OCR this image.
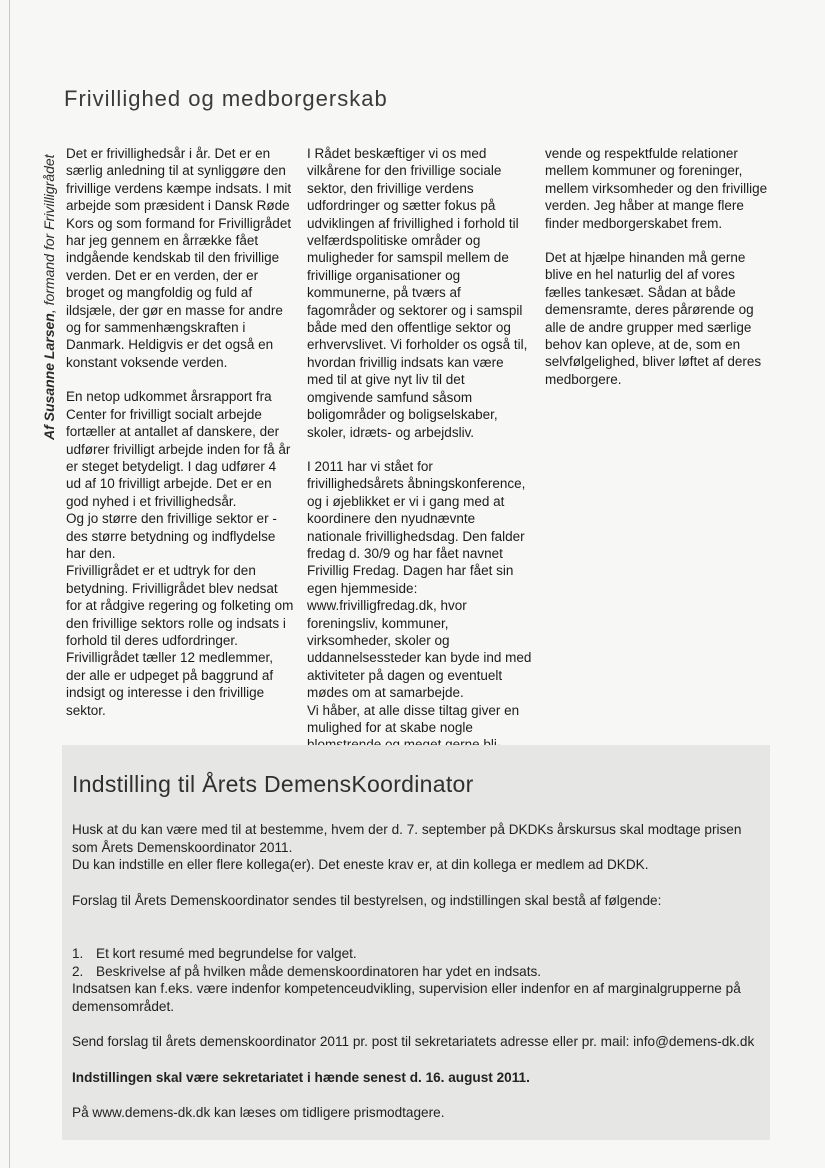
Frivillighed og medborgerskab
Af Susanne Larsen, formand for Frivilligrådet

Det er frivillighedsår i år. Det er en særlig anledning til at synliggøre den frivillige verdens kæmpe indsats. I mit arbejde som præsident i Dansk Røde Kors og som formand for Frivilligrådet har jeg gennem en årrække fået indgående kendskab til den frivillige verden. Det er en verden, der er broget og mangfoldig og fuld af ildsjæle, der gør en masse for andre og for sammenhængskraften i Danmark. Heldigvis er det også en konstant voksende verden.

En netop udkommet årsrapport fra Center for frivilligt socialt arbejde fortæller at antallet af danskere, der udfører frivilligt arbejde inden for få år er steget betydeligt. I dag udfører 4 ud af 10 frivilligt arbejde. Det er en god nyhed i et frivillighedsår.

Og jo større den frivillige sektor er - des større betydning og indflydelse har den.

Frivilligrådet er et udtryk for den betydning. Frivilligrådet blev nedsat for at rådgive regering og folketing om den frivillige sektors rolle og indsats i forhold til deres udfordringer. Frivilligrådet tæller 12 medlemmer, der alle er udpeget på baggrund af indsigt og interesse i den frivillige sektor.

I Rådet beskæftiger vi os med vilkårene for den frivillige sociale sektor, den frivillige verdens udfordringer og sætter fokus på udviklingen af frivillighed i forhold til velfærdspolitiske områder og muligheder for samspil mellem de frivillige organisationer og kommunerne, på tværs af fagområder og sektorer og i samspil både med den offentlige sektor og erhvervslivet. Vi forholder os også til, hvordan frivillig indsats kan være med til at give nyt liv til det omgivende samfund såsom boligområder og boligselskaber, skoler, idræts- og arbejdsliv.

I 2011 har vi stået for frivillighedsårets åbningskonference, og i øjeblikket er vi i gang med at koordinere den nyudnævnte nationale frivillighedsdag. Den falder fredag d. 30/9 og har fået navnet Frivillig Fredag. Dagen har fået sin egen hjemmeside: www.frivilligfredag.dk, hvor foreningsliv, kommuner, virksomheder, skoler og uddannelsessteder kan byde ind med aktiviteter på dagen og eventuelt mødes om at samarbejde.

Vi håber, at alle disse tiltag giver en mulighed for at skabe nogle

vende og respektfulde relationer mellem kommuner og foreninger, mellem virksomheder og den frivillige verden. Jeg håber at mange flere finder medborgerskabet frem.

Det at hjælpe hinanden må gerne blive en hel naturlig del af vores fælles tankesæt. Sådan at både demensramte, deres pårørende og alle de andre grupper med særlige behov kan opleve, at de, som en selvfølgelighed, bliver løftet af deres medborgere.

Indstilling til Årets DemensKoordinator

Husk at du kan være med til at bestemme, hvem der d. 7. september på DKDKs årskursus skal modtage prisen som Årets Demenskoordinator 2011.

Du kan indstille en eller flere kollega(er). Det eneste krav er, at din kollega er medlem ad DKDK.

Forslag til Årets Demenskoordinator sendes til bestyrelsen, og indstillingen skal bestå af følgende:

1. Et kort resumé med begrundelse for valget.
2. Beskrivelse af på hvilken måde demenskoordinatoren har ydet en indsats.

Indsatsen kan f.eks. være indenfor kompetenceudvikling, supervision eller indenfor en af marginalgrupperne på demensområdet.

Send forslag til årets demenskoordinator 2011 pr. post til sekretariatets adresse eller pr. mail: info@demens-dk.dk

Indstillingen skal være sekretariatet i hænde senest d. 16. august 2011.

På www.demens-dk.dk kan læses om tidligere prismodtagere.
